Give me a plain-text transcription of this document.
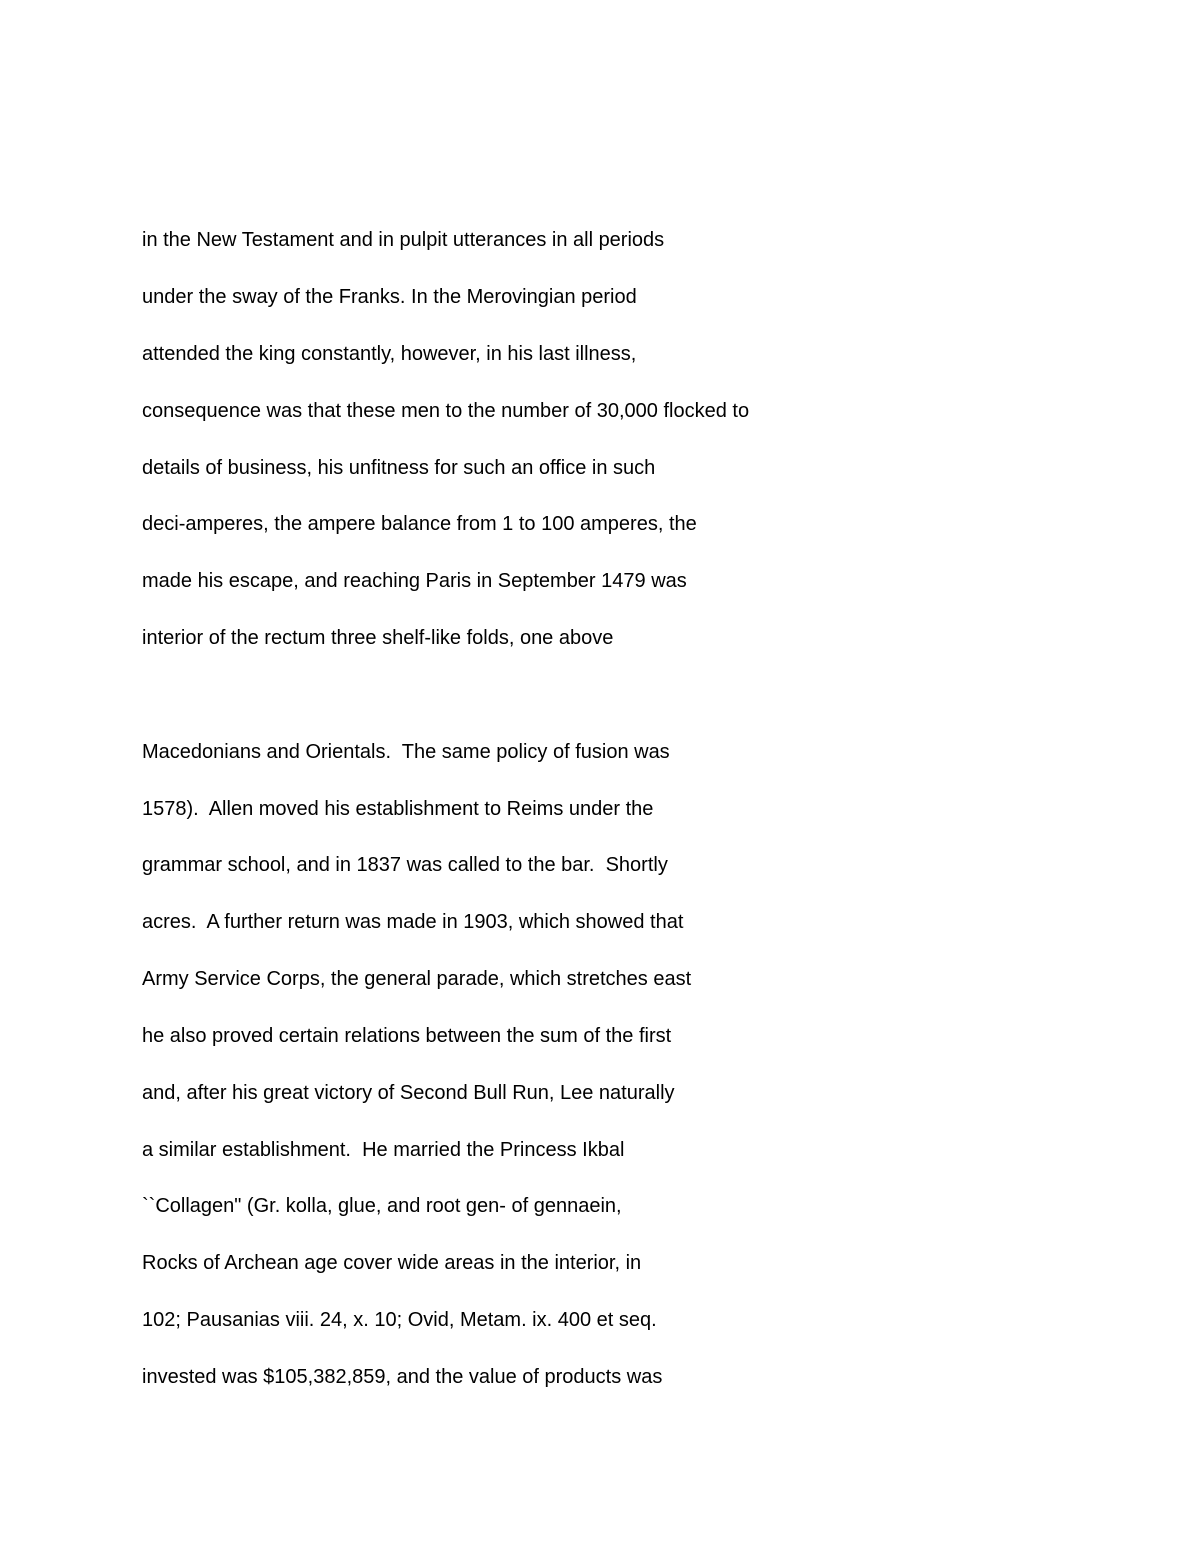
in the New Testament and in pulpit utterances in all periods
under the sway of the Franks. In the Merovingian period
attended the king constantly, however, in his last illness,
consequence was that these men to the number of 30,000 flocked to
details of business, his unfitness for such an office in such
deci-amperes, the ampere balance from 1 to 100 amperes, the
made his escape, and reaching Paris in September 1479 was
interior of the rectum three shelf-like folds, one above
Macedonians and Orientals.  The same policy of fusion was
1578).  Allen moved his establishment to Reims under the
grammar school, and in 1837 was called to the bar.  Shortly
acres.  A further return was made in 1903, which showed that
Army Service Corps, the general parade, which stretches east
he also proved certain relations between the sum of the first
and, after his great victory of Second Bull Run, Lee naturally
a similar establishment.  He married the Princess Ikbal
``Collagen" (Gr. kolla, glue, and root gen- of gennaein,
Rocks of Archean age cover wide areas in the interior, in
102; Pausanias viii. 24, x. 10; Ovid, Metam. ix. 400 et seq.
invested was $105,382,859, and the value of products was
